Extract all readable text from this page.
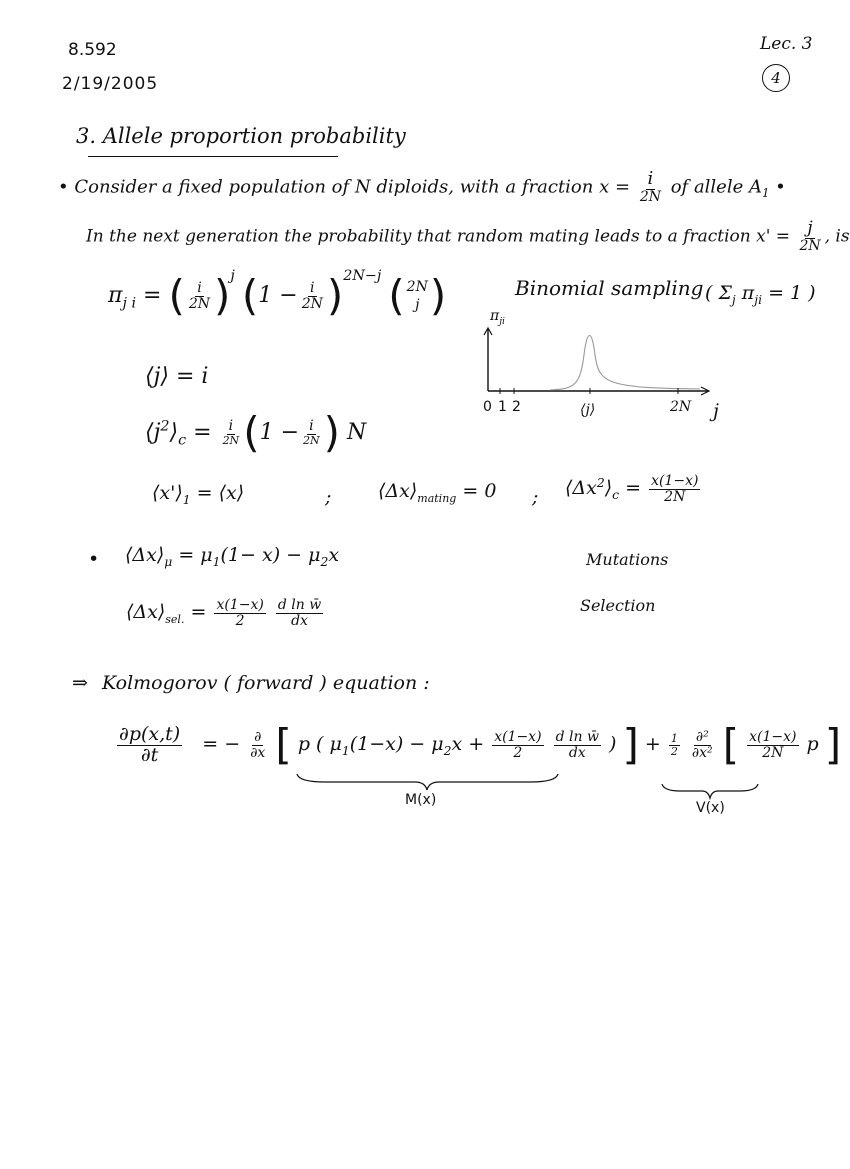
8.592
2/19/2005
Lec. 3
4
3. Allele proportion probability
• Consider a fixed population of N diploids, with a fraction $x = \frac{i}{2N}$ of allele $A_1$ •
In the next generation the probability that random mating leads to a fraction $x' = \frac{j}{2N}$ , is
$\pi_{j i}$ = ( $\frac{i}{2N} )^j$ $(1 - \frac{i}{2N} )^{2N-j}$ ( 2N
j )	Binomial sampling ( $\Sigma_j$ $\pi_{ji} = 1$ )
$\pi_{ji}$
0 1 2	⟨j⟩	2N j
⟨j⟩ = i
$⟨j^2⟩_c = \frac{i}{2N} (1 - \frac{i}{2N}$ ) N
$⟨x'⟩_1$ = ⟨x⟩	; $⟨\Delta x⟩_{mating} = 0$ ; $⟨\Delta x^2⟩_c = \frac{x(1-x)}{2N}$
• $⟨\Delta x⟩_\mu = \mu_1(1- x) - \mu_2x$	Mutations
$⟨\Delta x⟩_{sel.} = \frac{x(1-x)}{2}$
$\frac{\text{d ln w̄}}{dx}$	Selection
⇒ Kolmogorov ( forward ) equation :
$\frac{\partial p(x,t)}{\partial t}$ = − $\frac{\partial}{\partial x}$ [ p ( $\mu_1(1-x) - \mu_2x + \frac{x(1-x)}{2}$
$\frac{\text{d ln w̄}}{dx}$ ) ] + $\frac{1}{2}$
$\frac{\text{∂²}}{\text{∂x²}}$ [ $\frac{x(1-x)}{2N}$ p ]
M(x)	V(x)
